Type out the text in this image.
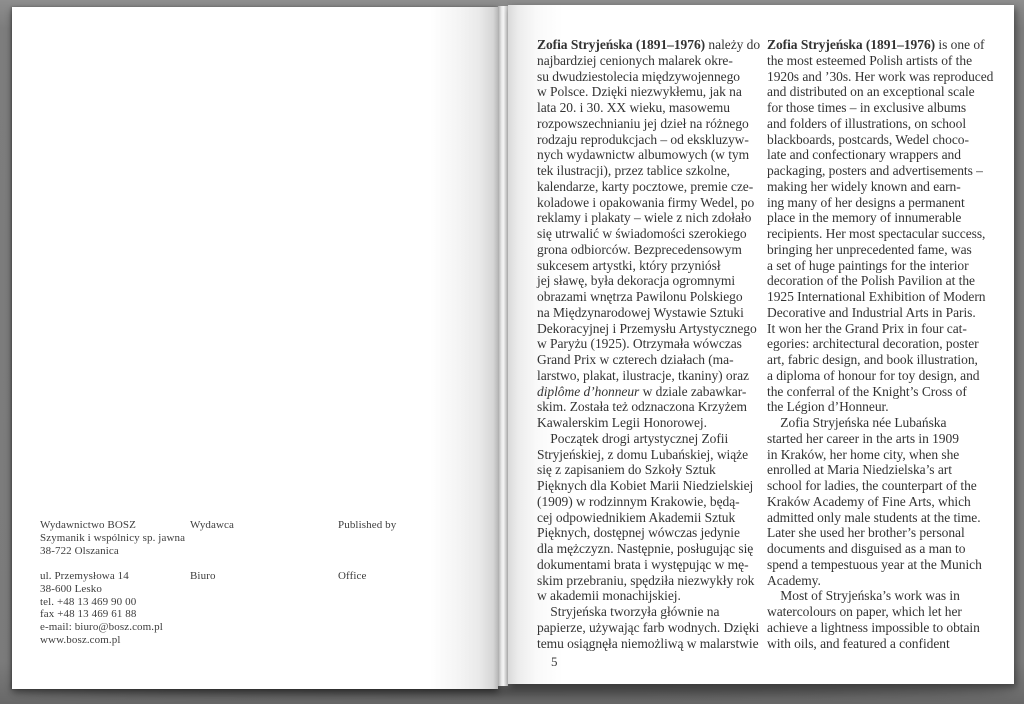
Wydawnictwo BOSZ
Szymanik i wspólnicy sp. jawna
38-722 Olszanica
ul. Przemysłowa 14
38-600 Lesko
tel. +48 13 469 90 00
fax +48 13 469 61 88
e-mail: biuro@bosz.com.pl
www.bosz.com.pl
Wydawca
Biuro
Published by
Office
Zofia Stryjeńska (1891–1976) należy do
najbardziej cenionych malarek okre-
su dwudziestolecia międzywojennego
w Polsce. Dzięki niezwykłemu, jak na
lata 20. i 30. XX wieku, masowemu
rozpowszechnianiu jej dzieł na różnego
rodzaju reprodukcjach – od ekskluzyw-
nych wydawnictw albumowych (w tym
tek ilustracji), przez tablice szkolne,
kalendarze, karty pocztowe, premie cze-
koladowe i opakowania firmy Wedel, po
reklamy i plakaty – wiele z nich zdołało
się utrwalić w świadomości szerokiego
grona odbiorców. Bezprecedensowym
sukcesem artystki, który przyniósł
jej sławę, była dekoracja ogromnymi
obrazami wnętrza Pawilonu Polskiego
na Międzynarodowej Wystawie Sztuki
Dekoracyjnej i Przemysłu Artystycznego
w Paryżu (1925). Otrzymała wówczas
Grand Prix w czterech działach (ma-
larstwo, plakat, ilustracje, tkaniny) oraz
diplôme d’honneur w dziale zabawkar-
skim. Została też odznaczona Krzyżem
Kawalerskim Legii Honorowej.
Początek drogi artystycznej Zofii
Stryjeńskiej, z domu Lubańskiej, wiąże
się z zapisaniem do Szkoły Sztuk
Pięknych dla Kobiet Marii Niedzielskiej
(1909) w rodzinnym Krakowie, będą-
cej odpowiednikiem Akademii Sztuk
Pięknych, dostępnej wówczas jedynie
dla mężczyzn. Następnie, posługując się
dokumentami brata i występując w mę-
skim przebraniu, spędziła niezwykły rok
w akademii monachijskiej.
Stryjeńska tworzyła głównie na
papierze, używając farb wodnych. Dzięki
temu osiągnęła niemożliwą w malarstwie
Zofia Stryjeńska (1891–1976) is one of
the most esteemed Polish artists of the
1920s and ’30s. Her work was reproduced
and distributed on an exceptional scale
for those times – in exclusive albums
and folders of illustrations, on school
blackboards, postcards, Wedel choco-
late and confectionary wrappers and
packaging, posters and advertisements –
making her widely known and earn-
ing many of her designs a permanent
place in the memory of innumerable
recipients. Her most spectacular success,
bringing her unprecedented fame, was
a set of huge paintings for the interior
decoration of the Polish Pavilion at the
1925 International Exhibition of Modern
Decorative and Industrial Arts in Paris.
It won her the Grand Prix in four cat-
egories: architectural decoration, poster
art, fabric design, and book illustration,
a diploma of honour for toy design, and
the conferral of the Knight’s Cross of
the Légion d’Honneur.
Zofia Stryjeńska née Lubańska
started her career in the arts in 1909
in Kraków, her home city, when she
enrolled at Maria Niedzielska’s art
school for ladies, the counterpart of the
Kraków Academy of Fine Arts, which
admitted only male students at the time.
Later she used her brother’s personal
documents and disguised as a man to
spend a tempestuous year at the Munich
Academy.
Most of Stryjeńska’s work was in
watercolours on paper, which let her
achieve a lightness impossible to obtain
with oils, and featured a confident
5
